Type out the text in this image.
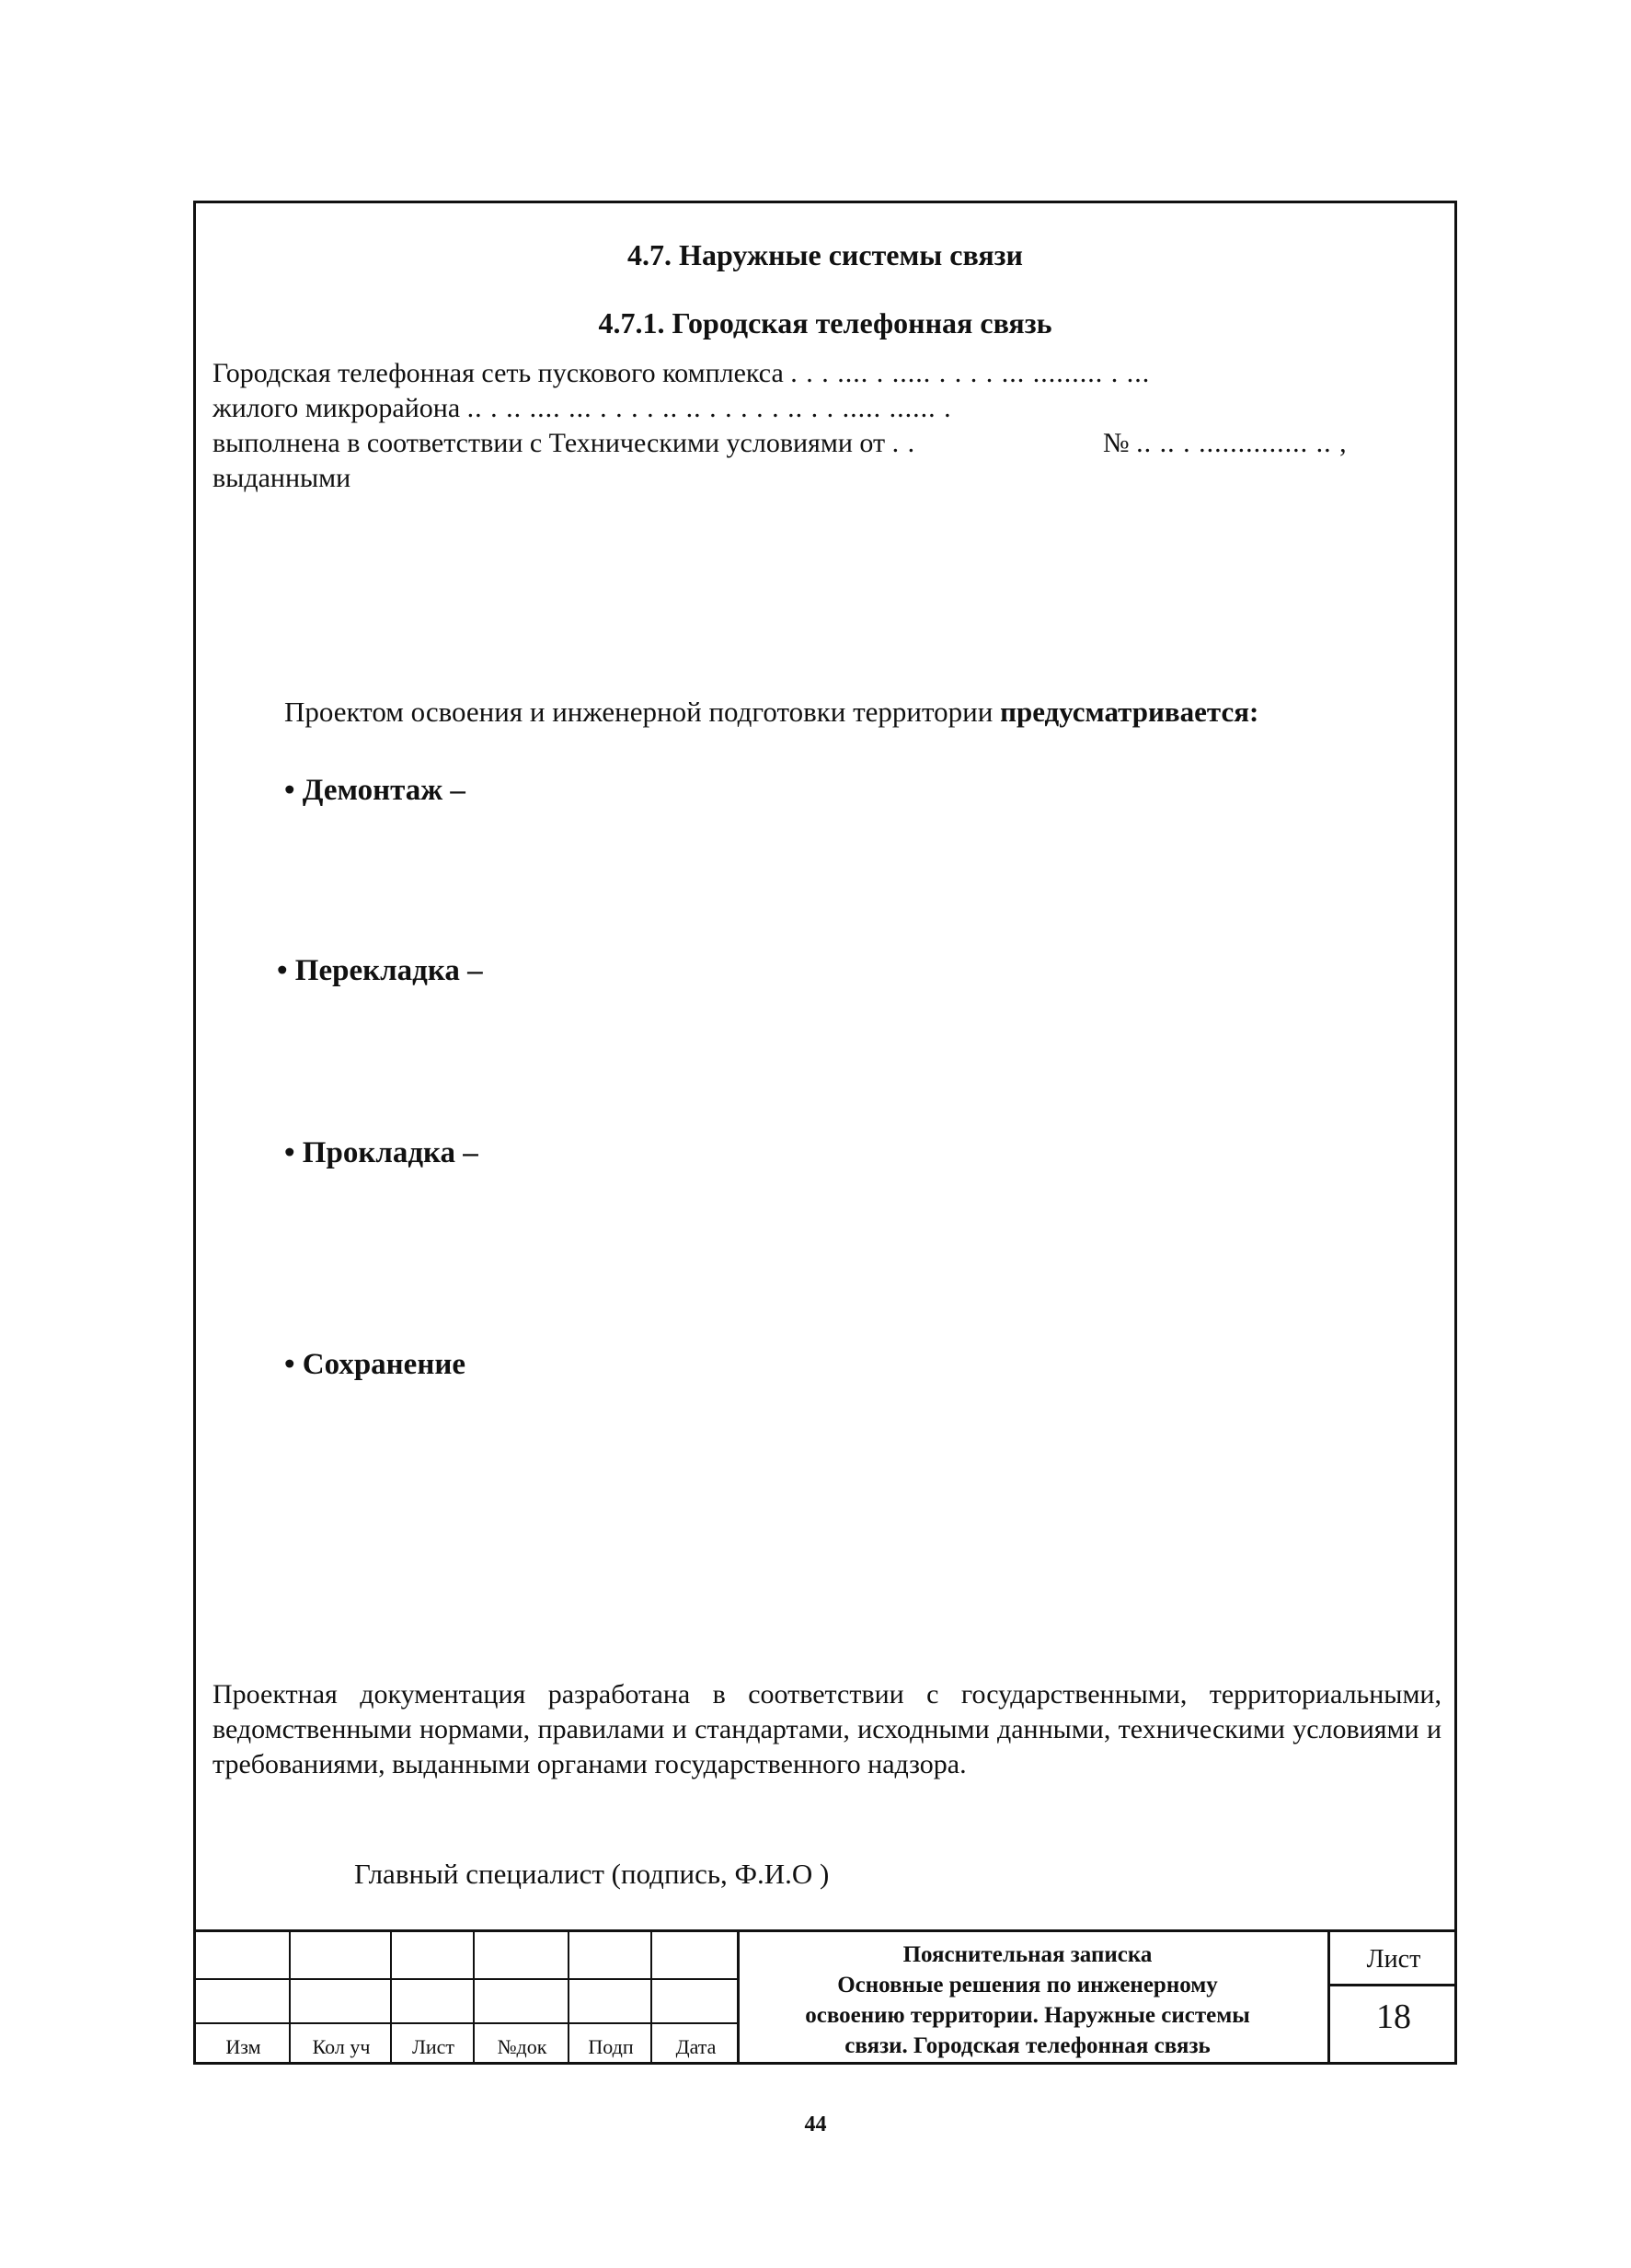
4.7. Наружные системы связи
4.7.1. Городская телефонная связь
Городская телефонная сеть пускового комплекса . . . .... . ..... . . . . ... ......... . ...
жилого микрорайона .. . .. .... ... . . . . .. .. . . . . . .. . . ..... ...... .
выполнена в соответствии с Техническими условиями от . .	№ .. .. . .............. .. ,
выданными
Проектом освоения и инженерной подготовки территории предусматривается:
• Демонтаж –
• Перекладка –
• Прокладка –
• Сохранение
Проектная документация разработана в соответствии с государственными, территориальными, ведомственными нормами, правилами и стандартами, исходными данными, техническими условиями и требованиями, выданными органами государственного надзора.
Главный специалист (подпись, Ф.И.О )
Изм	Кол уч	Лист	№док	Подп	Дата
Пояснительная записка
Основные решения по инженерному
освоению территории. Наружные системы
связи. Городская телефонная связь
Лист
18
44
